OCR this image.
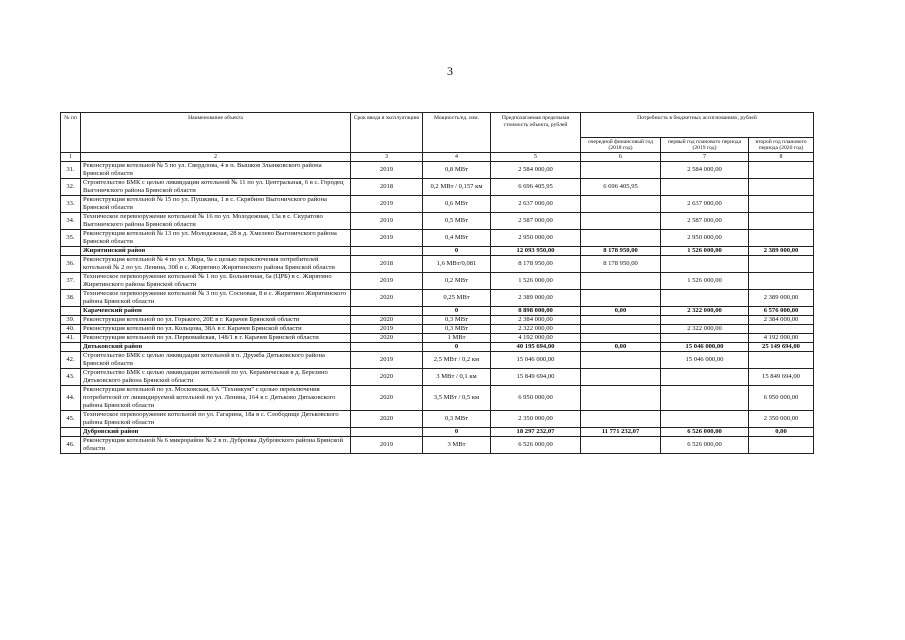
3
№ пп	Наименование объекта	Срок ввода в эксплуатацию	Мощность/ед. изм.	Предполагаемая предельная стоимость объекта, рублей	Потребность в бюджетных ассигнованиях, рублей		
					очередной финансовый год (2018 год)	первый год планового периода (2019 год)	второй год планового периода (2020 год)
1	2	3	4	5	6	7	8
31.	Реконструкция котельной № 5 по ул. Свердлова, 4 в п. Вышков Злынковского района Брянской области	2019	0,8 МВт	2 584 000,00		2 584 000,00	
32.	Строительство БМК с целью ликвидации котельной № 11 по ул. Центральная, 6 в с. Городец Выгоничского района Брянской области	2018	0,2 МВт / 0,157 км	6 696 405,95	6 696 405,95		
33.	Реконструкция котельной № 15 по ул. Пушкина, 1 в с. Скрябино Выгоничского района Брянской области	2019	0,6 МВт	2 637 000,00		2 637 000,00	
34.	Техническое перевооружение котельной № 16 по ул. Молодежная, 13а в с. Скуратово Выгоничского района Брянской области	2019	0,5 МВт	2 587 000,00		2 587 000,00	
35.	Реконструкция котельной № 13 по ул. Молодежная, 28 в д. Хмелево Выгоничского района Брянской области	2019	0,4 МВт	2 950 000,00		2 950 000,00	
	Жирятинский район		0	12 093 950,00	8 178 950,00	1 526 000,00	2 389 000,00
36.	Реконструкция котельной № 4 по ул. Мира, 9а с целью переключения потребителей котельной № 2 по ул. Ленина, 30б в с. Жирятино Жирятинского района Брянской области	2018	1,6 МВт/0,081	8 178 950,00	8 178 950,00		
37.	Техническое перевооружение котельной № 1 по ул. Больничная, 6а (ЦРБ) в с. Жирятино Жирятинского района Брянской области	2019	0,2 МВт	1 526 000,00		1 526 000,00	
38.	Техническое перевооружение котельной № 3 по ул. Сосновая, 8 в с. Жирятино Жирятинского района Брянской области	2020	0,25 МВт	2 389 000,00			2 389 000,00
	Карачевский район		0	8 898 000,00	0,00	2 322 000,00	6 576 000,00
39.	Реконструкция котельной по ул. Горького, 20Е в г. Карачев Брянской области	2020	0,3 МВт	2 384 000,00			2 384 000,00
40.	Реконструкция котельной по ул. Кольцова, 38А в г. Карачев Брянской области	2019	0,3 МВт	2 322 000,00		2 322 000,00	
41.	Реконструкция котельной по ул. Первомайская, 148/1 в г. Карачев Брянской области	2020	1 МВт	4 192 000,00			4 192 000,00
	Дятьковский район		0	40 195 694,00	0,00	15 046 000,00	25 149 694,00
42.	Строительство БМК с целью ликвидации котельной в п. Дружба Дятьковского района Брянской области	2019	2,5 МВт / 0,2 км	15 046 000,00		15 046 000,00	
43.	Строительство БМК с целью ликвидации котельной по ул. Керамическая в д. Березино Дятьковского района Брянской области	2020	3 МВт / 0,1 км	15 849 694,00			15 849 694,00
44.	Реконструкция котельной по ул. Московская, 6А "Техникум" с целью переключения потребителей от ликвидируемой котельной по ул. Ленина, 164 в г. Дятьково Дятьковского района Брянской области	2020	3,5 МВт / 0,5 км	6 950 000,00			6 950 000,00
45.	Техническое перевооружение котельной по ул. Гагарина, 18а в с. Слободище Дятьковского района Брянской области	2020	0,3 МВт	2 350 000,00			2 350 000,00
	Дубровский район		0	18 297 232,07	11 771 232,07	6 526 000,00	0,00
46.	Реконструкция котельной № 6 микрорайон № 2 в п. Дубровка Дубровского района Брянской области	2019	3 МВт	6 526 000,00		6 526 000,00	
